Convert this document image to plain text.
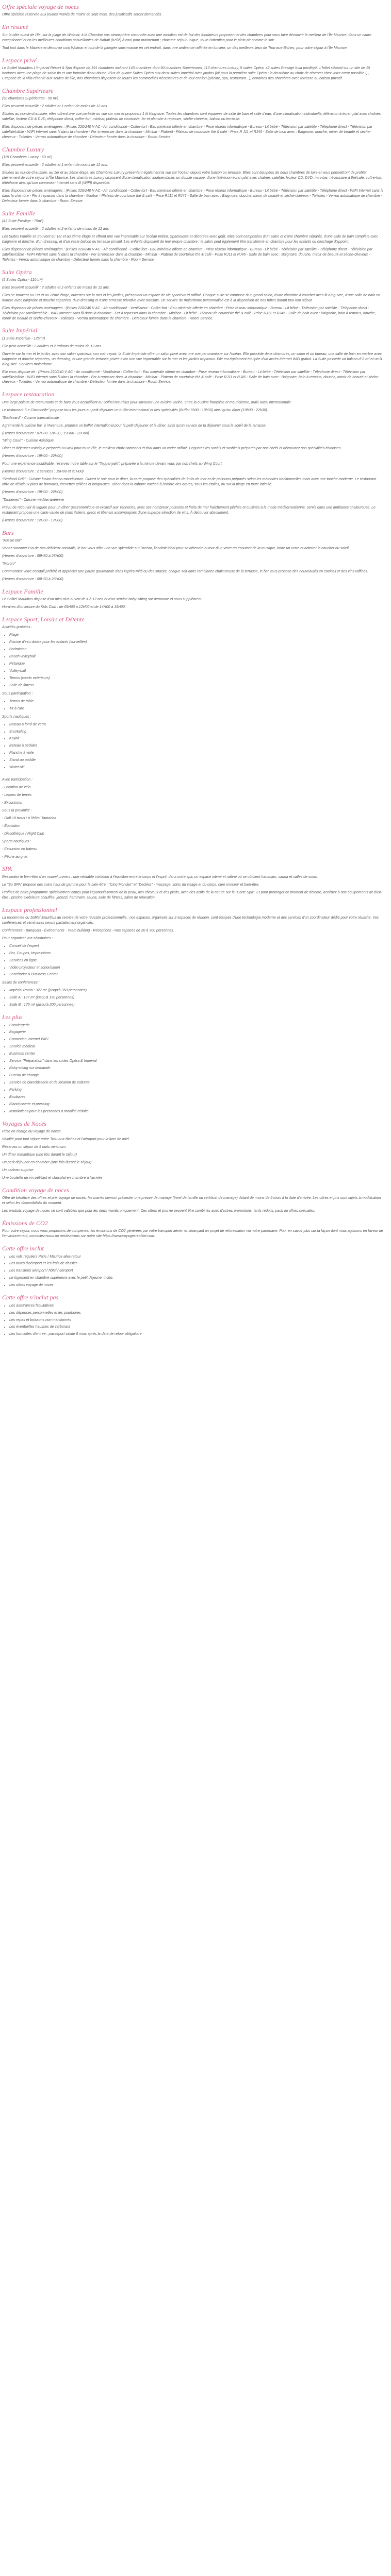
Offre spéciale voyage de noces

Offre spéciale réservée aux jeunes mariés de moins de sept mois, des justificatifs seront demandés.

En résumé

Sur la côte ouest de l'Ile, sur la plage de Wolmar, à la Chambre vos atmosphère coconnée avec une ambition est de fait des fondateurs proposent et des chambres pour vous faire découvrir le meilleur de l'Île Maurice, dans un cadre exceptionnel et en les meilleures conditions accueillantes de Bahati (Kellé) à cool pour maintenant ; chacune séjour unique, toute l'attention pour le plein-air comme le soir.

Tout tout dans le Maurice et découvrir coin Wolmar et tout de la plongée sous-marine en cet endroit, dans une ambiance raffinée en lumière, un des meilleurs lieux de Trou-aux-Biches, pour votre séjour à l'Île Maurice.

Lespace privé

Le Sofitel Mauritius L'Imperial Resort & Spa dispose de 191 chambres incluant 143 chambres dont 90 chambres Supérieures, 113 chambres Luxury, 5 suites Opéra, 42 suites Prestige fusa privilégié. L'hôtel s'étend sur un site de 15 hectares avec une plage de sable fin et une fontaine d'eau douce. Plus de quatre Suites Opéra aux deux suites Impérial avec jardins (kit pour la première suite Opéra ; la deuxième au choix de réserver chez votre cœur possible !) ; L'espace de la villa réservé aux seules de l'île, nos chambres disposent de toutes les commodités nécessaires et de tout confort (piscine, spa, restaurant...), certaines des chambres avec terrasse ou balcon privatif.

Chambre Supérieure

(50 chambres Supérieures - 50 m²)

Elles peuvent accueillir : 2 adultes et 1 enfant de moins de 12 ans.

Situées au rez-de-chaussée, elles offrent une vue partielle ou vue sur mer et proposent 1 lit King-size. Toutes les chambres sont équipées de salle de bain et salle d'eau, d'une climatisation individuelle, télévision à écran plat avec chaînes satellite, lecteur CD & DVD, téléphone direct, coffre-fort, minibar, plateau de courtoisie, fer et planche à repasser, sèche-cheveux, balcon ou terrasse.

Elles disposent de pièces aménagées : (Prises 220/240 V AC - Air conditionné - Coffre-fort - Eau minérale offerte en chambre - Prise réseau informatique - Bureau - Lit bébé - Télévision par satellite - Téléphone direct - Télévision par satellite/câble - WIFI Internet sans fil dans la chambre - Fer à repasser dans la chambre - Minibar - Plafond - Plateau de courtoisie thé & café - Prise R J11 et RJ45 - Salle de bain avec : Baignoire, douche, miroir de beauté et sèche-cheveux - Toilettes - Verrou automatique de chambre - Détecteur fumée dans la chambre - Room Service.

Chambre Luxury

(115 Chambres Luxury - 50 m²)

Elles peuvent accueillir : 2 adultes et 1 enfant de moins de 12 ans.

Situées au rez-de-chaussée, au 1er et au 2ème étage, les Chambres Luxury présentent également la vue sur l'océan depuis votre balcon ou terrasse. Elles sont équipées de deux chambres de luxe et vous permettront de profiter pleinement de votre séjour à l'Île Maurice. Les chambres Luxury disposent d'une climatisation indépendante, un double vasque, d'une télévision écran plat avec chaînes satellite, lecteur CD, DVD, mini-bar, nécessaire à thé/café, coffre-fort, téléphone ainsi qu'une connexion Internet sans fil (WIFI) disponible.

Elles disposent de pièces aménagées : (Prises 220/240 V AC - Air conditionné - Coffre-fort - Eau minérale offerte en chambre - Prise réseau informatique - Bureau - Lit bébé - Télévision par satellite - Téléphone direct - WIFI Internet sans fil dans la chambre - Fer à repasser dans la chambre - Minibar - Plateau de courtoisie thé & café - Prise RJ11 et RJ45 - Salle de bain avec : Baignoire, douche, miroir de beauté et sèche-cheveux - Toilettes - Verrou automatique de chambre - Détecteur fumée dans la chambre - Room Service.

Suite Famille

(42 Suite Prestige - 75m²)

Elles peuvent accueillir : 2 adultes et 2 enfants de moins de 12 ans.

Les Suites Famille se trouvent au 1er et au 2ème étage et offrent une vue imprenable sur l'océan Indien. Spacieuses et décorées avec goût, elles sont composées d'un salon et d'une chambre séparés, d'une salle de bain complète avec baignoire et douche, d'un dressing, et d'un vaste balcon ou terrasse privatif. Les enfants disposent de leur propre chambre ; le salon peut également être transformé en chambre pour les enfants ou couchage d'appoint.

Elles disposent de pièces aménagées : (Prises 220/240 V AC - Air conditionné - Coffre-fort - Eau minérale offerte en chambre - Prise réseau informatique - Bureau - Lit bébé - Télévision par satellite - Téléphone direct - Télévision par satellite/câble - WIFI Internet sans fil dans la chambre - Fer à repasser dans la chambre - Minibar - Plateau de courtoisie thé & café - Prise RJ11 et RJ45 - Salle de bain avec : Baignoire, douche, miroir de beauté et sèche-cheveux - Toilettes - Verrou automatique de chambre - Détecteur fumée dans la chambre - Room Service.

Suite Opéra

(5 Suites Opéra - 110 m²)

Elles peuvent accueillir : 2 adultes et 2 enfants de moins de 12 ans.

Elles se trouvent au 1er et au 2ème étage, ouvertes sur la mer et les jardins, présentant un espace de vie spacieux et raffiné. Chaque suite se compose d'un grand salon, d'une chambre à coucher avec lit King-size, d'une salle de bain en marbre avec baignoire et douche séparées, d'un dressing et d'une terrasse privative avec transats. Un service de majordome personnalisé est à la disposition de nos hôtes durant tout leur séjour.

Elles disposent de pièces aménagées : (Prises 220/240 V AC - Air conditionné - Ventilateur - Coffre-fort - Eau minérale offerte en chambre - Prise réseau informatique - Bureau - Lit bébé - Télévision par satellite - Téléphone direct - Télévision par satellite/câble - WIFI Internet sans fil dans la chambre - Fer à repasser dans la chambre - Minibar - Lit bébé - Plateau de courtoisie thé & café - Prise RJ11 et RJ45 - Salle de bain avec : Baignoire, bain à remous, douche, miroir de beauté et sèche-cheveux - Toilettes - Verrou automatique de chambre - Détecteur fumée dans la chambre - Room Service.

Suite Impérial

(1 Suite Impériale - 125m²)

Elle peut accueillir : 2 adultes et 2 enfants de moins de 12 ans.

Ouverte sur la mer et le jardin, avec son salon spacieux, son coin repas, la Suite Impériale offre un salon privé avec une vue panoramique sur l'océan. Elle possède deux chambres, un salon et un bureau, une salle de bain en marbre avec baignoire et douche séparées, un dressing, et une grande terrasse privée avec une vue imprenable sur la mer et les jardins tropicaux. Elle est également équipée d'un accès Internet WiFi gratuit. La Suite possède un balcon d' 8 m² et un lit King-size. Services majordome.

Elle vous dispose de : (Prises 220/240 V AC - Air conditionné - Ventilateur - Coffre-fort - Eau minérale offerte en chambre - Prise réseau informatique - Bureau - Lit bébé - Télévision par satellite - Téléphone direct - Télévision par satellite/câble - WIFI Internet sans fil dans la chambre - Fer à repasser dans la chambre - Minibar - Plateau de courtoisie thé & café - Prise RJ11 et RJ45 - Salle de bain avec : Baignoire, bain à remous, douche, miroir de beauté et sèche-cheveux - Toilettes - Verrou automatique de chambre - Détecteur fumée dans la chambre - Room Service.

Lespace restauration

Une large palette de restaurants et de bars vous accueillent au Sofitel Mauritius pour savourer une cuisine variée, entre la cuisine française et mauricienne, mais aussi internationale.

Le restaurant "Le Citronnelle" propose tous les jours au petit déjeuner un buffet international et des spécialités (Buffet 7h00 - 10h30) ainsi qu'au dîner (19h00 - 22h30).

"Boulevard" - Cuisine Internationale

Agrémenté la cuisine bar, à l'Aventure, propose un buffet international pour le petit-déjeuner et le dîner, ainsi qu'un service de la déjeuner sous le soleil de la terrasse.

(Heures d'ouverture : 07H00 -10H30 ; 19H00 - 22H00)

"Wing Court" - Cuisine Asiatique

Dîner et déjeuner asiatique préparés au wok pour toute l'île, le meilleur choix cantonais et thaï dans un cadre raffiné. Dégustez les sushis et sashimis préparés par nos chefs et découvrez nos spécialités chinoises.

(Heures d'ouverture : 19H00 - 22H00)

Pour une expérience inoubliable, réservez notre table sur le "Teppanyaki", préparée à la minute devant vous par nos chefs au Wing Court.

(Heures d'ouverture : 2 services : 19H00 et 21H00)

"Seafood Grill" - Cuisine fusion franco-mauricienne. Ouvert le soir pour le dîner, la carte propose des spécialités de fruits de mer et de poissons préparés selon les méthodes traditionnelles mais avec une touche moderne. Le restaurant offre de délicieux plats de homards, crevettes grillées et langoustes. Dîner dans la cabane cachée à l'ombre des arbres, sous les étoiles, ou sur la plage en toute intimité.

(Heures d'ouverture : 19H00 - 22H00)

"Tanneries" - Cuisine méditerranéenne

Prévu de recouvrir la lagune pour un dîner gastronomique et exclusif aux Tanneries, avec ses nombreux poissons et fruits de mer fraîchement pêchés et cuisinés à la mode méditerranéenne, servis dans une ambiance chaleureuse. Le restaurant propose une carte variée de plats italiens, grecs et libanais accompagnés d'une superbe sélection de vins. À découvrir absolument.

(Heures d'ouverture : 12H00 - 17H00)

Bars

"Aussie Bar"

Venez savourer l'un de nos délicieux cocktails, le bar vous offre une vue splendide sur l'océan, l'endroit idéal pour se détendre autour d'un verre en écoutant de la musique, boire un verre et admirer le coucher du soleil.

(Heures d'ouverture : 08H30 à 23H00)

"Moroni"

Commandez votre cocktail préféré et apprécier une pause gourmande dans l'après-midi ou des snacks, chaque soir dans l'ambiance chaleureuse de la terrasse, le bar vous propose des nouveautés en cocktail et des vins raffinés.

(Heures d'ouverture : 08H30 à 23H00)

Lespace Famille

Le Sofitel Mauritius dispose d'un mini-club ouvert de 4 à 12 ans et d'un service baby-sitting sur demande et sous supplément.

Horaires d'ouverture du Kids Club : de 09H00 à 12H00 et de 14H00 à 19H00.

Lespace Sport, Loisirs et Détente

Activités gratuites :

• Plage
• Piscine d'eau douce pour les enfants (surveillée)
• Badminton
• Beach volleyball
• Pétanque
• Volley-ball
• Tennis (courts extérieurs)
• Salle de fitness

Sous participation :

• Tennis de table
• Tir à l'arc

Sports nautiques :

• Bateau à fond de verre
• Snorkeling
• Kayak
• Bateau à pédales
• Planche à voile
• Stand up paddle
• Water-ski

Avec participation :

- Location de vélo

- Leçons de tennis

- Excursions

Sous la proximité :

- Golf 18 trous / à l'hôtel Tamarina

- Équitation

- Discothèque / Night Club

Sports nautiques :

- Excursion en bateau

- Pêche au gros

SPA

Ressentez le bien-être d'un nouvel univers : une véritable invitation à l'équilibre entre le corps et l'esprit, dans notre spa, un espace intime et raffiné où se côtoient hammam, sauna et salles de soins.

Le "So SPA" propose des soins haut de gamme pour le bien-être : "Cinq Mondes" et "Decléor" - massage, soins du visage et du corps, cure minceur et bien-être.

Profitez de notre programme spécialement conçu pour l'épanouissement de la peau, des cheveux et des pieds, avec des actifs de la nature sur la "Carte Spa". Et pour prolonger ce moment de détente, accédez à nos équipements de bien-être : piscine extérieure chauffée, jacuzzi, hammam, sauna, salle de fitness, salon de relaxation.

Lespace professionnel

La renommée du Sofitel Mauritius au service de votre réussite professionnelle : nos espaces, organisés sur 2 espaces de réunion, sont équipés d'une technologie moderne et des services d'un coordinateur dédié pour votre réussite. Vos conférences et séminaires seront parfaitement organisés.

Conférences - Banquets - Événements - Team building - Réceptions - Nos espaces de 20 à 300 personnes.

Pour organiser vos séminaires :

• Conseil de l'expert
• Bar, Coupes, Impressions
• Services en ligne
• Vidéo projecteur et sonorisation
• Secrétariat & Business Center

Salles de conférences :

• Impérial Room : 327 m² (jusqu'à 350 personnes)
• Salle A : 137 m² (jusqu'à 130 personnes)
• Salle B : 176 m² (jusqu'à 200 personnes)
Les plus
• Conciergerie
• Bagagerie
• Connexion Internet WIFI
• Service médical
• Business center
• Service "Préparation" dans les suites Opéra & Impérial
• Baby-sitting sur demande
• Bureau de change
• Service de blanchisserie et de location de voitures
• Parking
• Boutiques
• Blanchisserie et pressing
• Installations pour les personnes à mobilité réduite
Voyages de Noces

Prise en charge du voyage de noces.

Validité pour tout séjour entre Trou-aux-Biches et l'aéroport pour la lune de miel.

Réservez un séjour de 5 nuits minimum.

Un dîner romantique (une fois durant le séjour)

Un petit déjeuner en chambre (une fois durant le séjour)

Un cadeau surprise

Une bouteille de vin pétillant et chocolat en chambre à l'arrivée

Condition voyage de noces

Offre de bénéfice des offres et prix voyage de noces, les mariés devront présenter une preuve de mariage (livret de famille ou certificat de mariage) datant de moins de 6 mois à la date d'arrivée. Les offres et prix sont sujets à modification et selon les disponibilités du moment.

Les produits voyage de noces ne sont valables que pour les deux mariés uniquement. Ces offres et prix ne peuvent être combinés avec d'autres promotions, tarifs réduits, pack ou offres spéciales.

Émissions de CO2

Pour votre séjour, nous vous proposons de compenser les émissions de CO2 générées par votre transport aérien en finançant un projet de reforestation via notre partenaire. Pour en savoir plus sur la façon dont nous agissons en faveur de l'environnement, contactez-nous ou rendez-vous sur notre site https://www.voyages-sofitel.com.

Cette offre inclut
• Les vols réguliers Paris / Maurice aller-retour
• Les taxes d'aéroport et les frais de dossier
• Les transferts aéroport / hôtel / aéroport
• Le logement en chambre supérieure avec le petit déjeuner inclus
• Les offres voyage de noces
Cette offre n'inclut pas
• Les assurances facultatives
• Les dépenses personnelles et les pourboires
• Les repas et boissons non mentionnés
• Les éventuelles hausses de carburant
• Les formalités d'entrée : passeport valide 6 mois après la date de retour obligatoire
